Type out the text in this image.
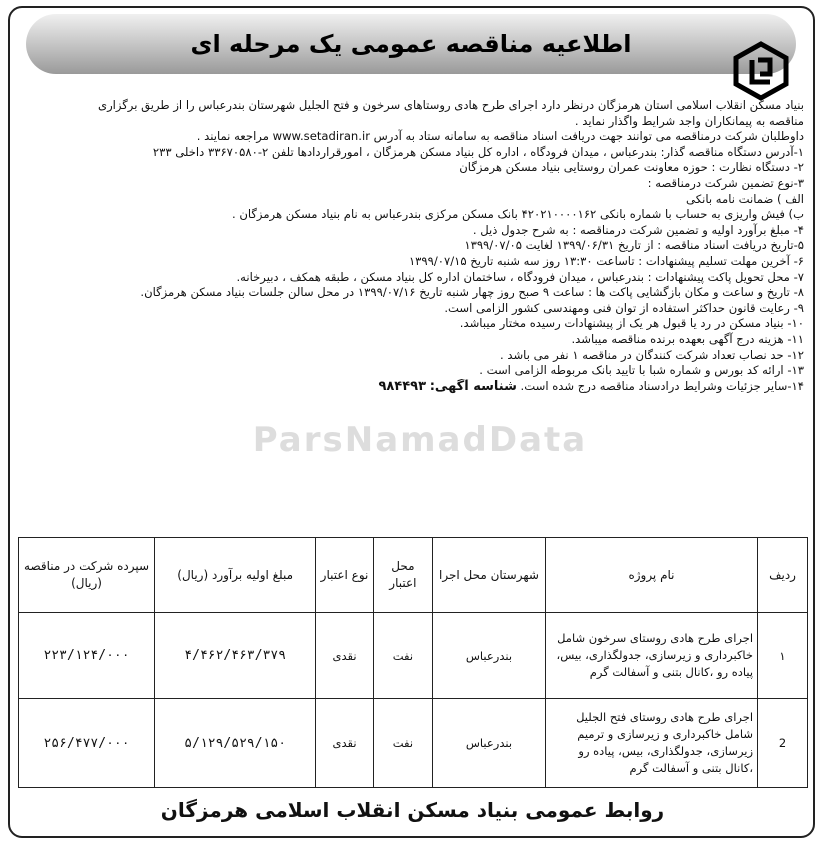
اطلاعیه مناقصه عمومی یک مرحله ای
ParsNamadData

بنیاد مسکن انقلاب اسلامی استان هرمزگان درنظر دارد اجرای طرح هادی روستاهای سرخون و فتح الجلیل شهرستان بندرعباس را از طریق برگزاری

مناقصه به پیمانکاران واجد شرایط واگذار نماید .

داوطلبان شرکت درمناقصه می توانند جهت دریافت اسناد مناقصه به سامانه ستاد به آدرس www.setadiran.ir مراجعه نمایند .

۱-آدرس دستگاه مناقصه گذار: بندرعباس ، میدان فرودگاه ، اداره کل بنیاد مسکن هرمزگان ، امورقراردادها تلفن ۲-۳۳۶۷۰۵۸۰ داخلی ۲۳۳

۲- دستگاه نظارت : حوزه معاونت عمران روستایی بنیاد مسکن هرمزگان

۳-نوع تضمین شرکت درمناقصه :

الف ) ضمانت نامه بانکی

ب) فیش واریزی به حساب با شماره بانکی ۴۲۰۲۱۰۰۰۰۱۶۲ بانک مسکن مرکزی بندرعباس به نام بنیاد مسکن هرمزگان .

۴- مبلغ برآورد اولیه و تضمین شرکت درمناقصه : به شرح جدول ذیل .

۵-تاریخ دریافت اسناد مناقصه : از تاریخ ۱۳۹۹/۰۶/۳۱ لغایت ۱۳۹۹/۰۷/۰۵

۶- آخرین مهلت تسلیم پیشنهادات : تاساعت ۱۳:۳۰ روز سه شنبه تاریخ ۱۳۹۹/۰۷/۱۵

۷- محل تحویل پاکت پیشنهادات : بندرعباس ، میدان فرودگاه ، ساختمان اداره کل بنیاد مسکن ، طبقه همکف ، دبیرخانه.

۸- تاریخ و ساعت و مکان بازگشایی پاکت ها : ساعت ۹ صبح روز چهار شنبه تاریخ ۱۳۹۹/۰۷/۱۶ در محل سالن جلسات بنیاد مسکن هرمزگان.

۹- رعایت قانون حداکثر استفاده از توان فنی ومهندسی کشور الزامی است.

۱۰- بنیاد مسکن در رد یا قبول هر یک از پیشنهادات رسیده مختار میباشد.

۱۱- هزینه درج آگهی بعهده برنده مناقصه میباشد.

۱۲- حد نصاب تعداد شرکت کنندگان در مناقصه ۱ نفر می باشد .

۱۳- ارائه کد بورس و شماره شبا با تایید بانک مربوطه الزامی است .

۱۴-سایر جزئیات وشرایط درادسناد مناقصه درج شده است. شناسه آگهی: ۹۸۴۴۹۳

ردیف	نام پروژه	شهرستان محل اجرا	محل اعتبار	نوع اعتبار	مبلغ اولیه برآورد (ریال)	سپرده شرکت در مناقصه (ریال)
۱	اجرای طرح هادی روستای سرخون شامل خاکبرداری و زیرسازی، جدولگذاری، بیس، پیاده رو ،کانال بتنی و آسفالت گرم	بندرعباس	نفت	نقدی	۴/۴۶۲/۴۶۳/۳۷۹	۲۲۳/۱۲۴/۰۰۰
2	اجرای طرح هادی روستای فتح الجلیل شامل خاکبرداری و زیرسازی و ترمیم زیرسازی، جدولگذاری، بیس، پیاده رو ،کانال بتنی و آسفالت گرم	بندرعباس	نفت	نقدی	۵/۱۲۹/۵۲۹/۱۵۰	۲۵۶/۴۷۷/۰۰۰
روابط عمومی بنیاد مسکن انقلاب اسلامی هرمزگان
